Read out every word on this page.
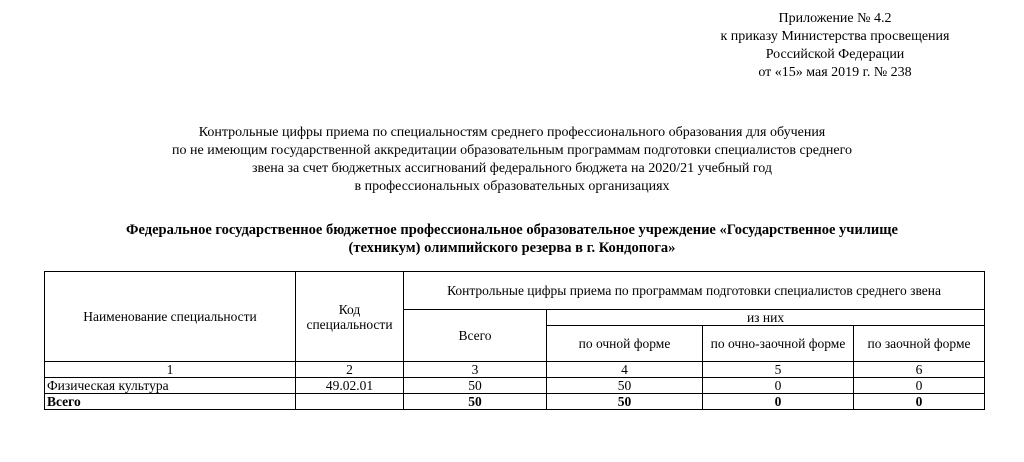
Приложение № 4.2
к приказу Министерства просвещения
Российской Федерации
от «15» мая 2019 г. № 238
Контрольные цифры приема по специальностям среднего профессионального образования для обучения
по не имеющим государственной аккредитации образовательным программам подготовки специалистов среднего
звена за счет бюджетных ассигнований федерального бюджета на 2020/21 учебный год
в профессиональных образовательных организациях
Федеральное государственное бюджетное профессиональное образовательное учреждение «Государственное училище
(техникум) олимпийского резерва в г. Кондопога»
Наименование специальности	Код специальности	Контрольные цифры приема по программам подготовки специалистов среднего звена			
		Всего	из них		
			по очной форме	по очно-заочной форме	по заочной форме
1	2	3	4	5	6
Физическая культура	49.02.01	50	50	0	0
Всего		50	50	0	0
